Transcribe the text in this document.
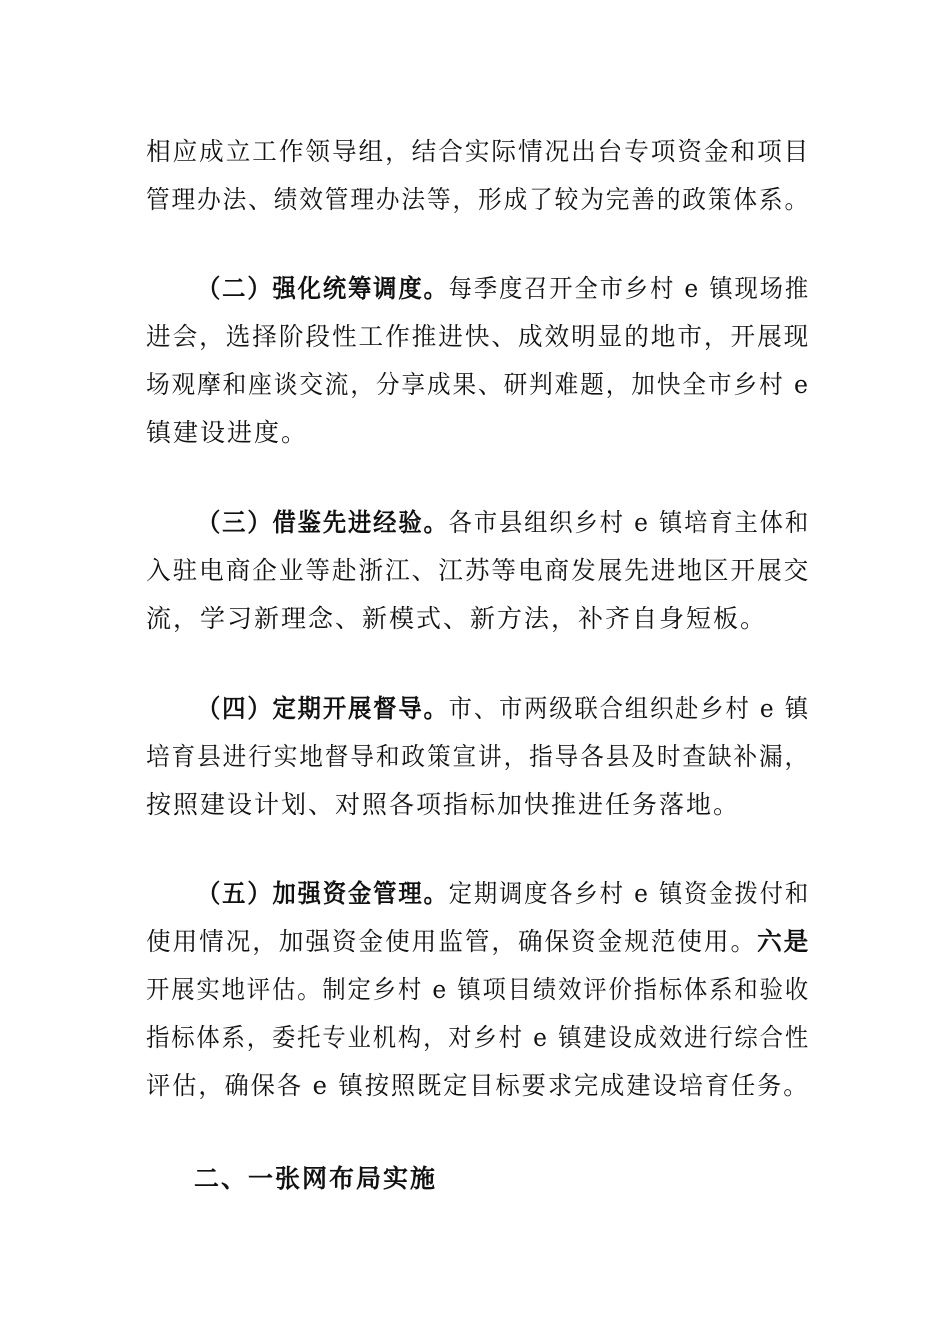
相应成立工作领导组，结合实际情况出台专项资金和项目
管理办法、绩效管理办法等，形成了较为完善的政策体系。
（二）强化统筹调度。每季度召开全市乡村 e 镇现场推
进会，选择阶段性工作推进快、成效明显的地市，开展现
场观摩和座谈交流，分享成果、研判难题，加快全市乡村 e
镇建设进度。
（三）借鉴先进经验。各市县组织乡村 e 镇培育主体和
入驻电商企业等赴浙江、江苏等电商发展先进地区开展交
流，学习新理念、新模式、新方法，补齐自身短板。
（四）定期开展督导。市、市两级联合组织赴乡村 e 镇
培育县进行实地督导和政策宣讲，指导各县及时查缺补漏，
按照建设计划、对照各项指标加快推进任务落地。
（五）加强资金管理。定期调度各乡村 e 镇资金拨付和
使用情况，加强资金使用监管，确保资金规范使用。六是
开展实地评估。制定乡村 e 镇项目绩效评价指标体系和验收
指标体系，委托专业机构，对乡村 e 镇建设成效进行综合性
评估，确保各 e 镇按照既定目标要求完成建设培育任务。
二、一张网布局实施
